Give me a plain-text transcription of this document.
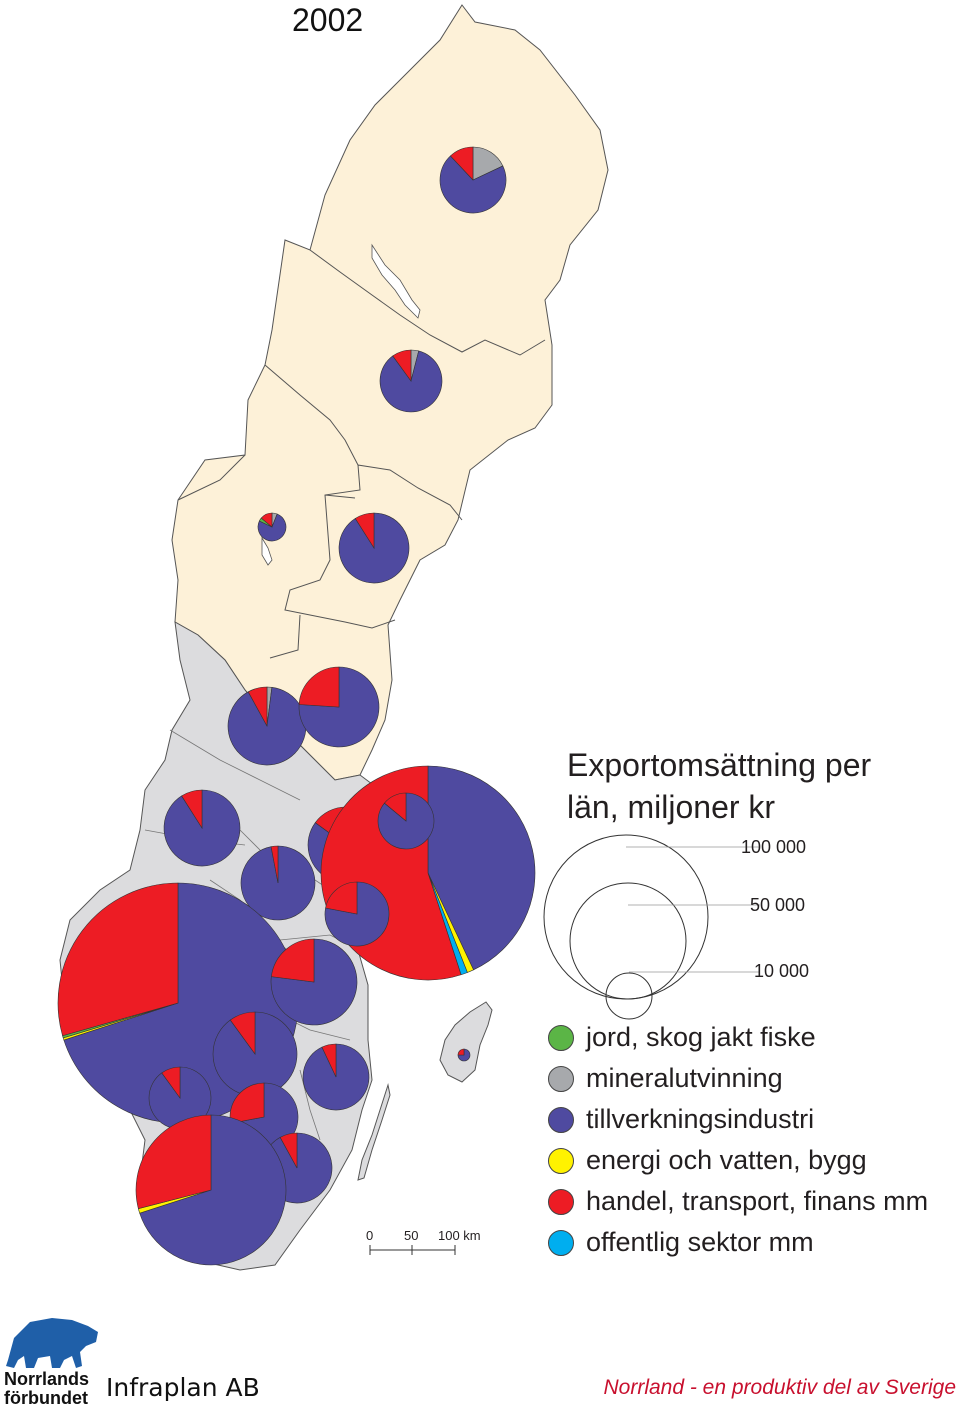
2002
Exportomsättning per
län, miljoner kr
100 000
50 000
10 000
jord, skog jakt fiske
mineralutvinning
tillverkningsindustri
energi och vatten, bygg
handel, transport, finans mm
offentlig sektor mm
0 50 100 km
Norrlands
förbundet Infraplan AB	Norrland - en produktiv del av Sverige
